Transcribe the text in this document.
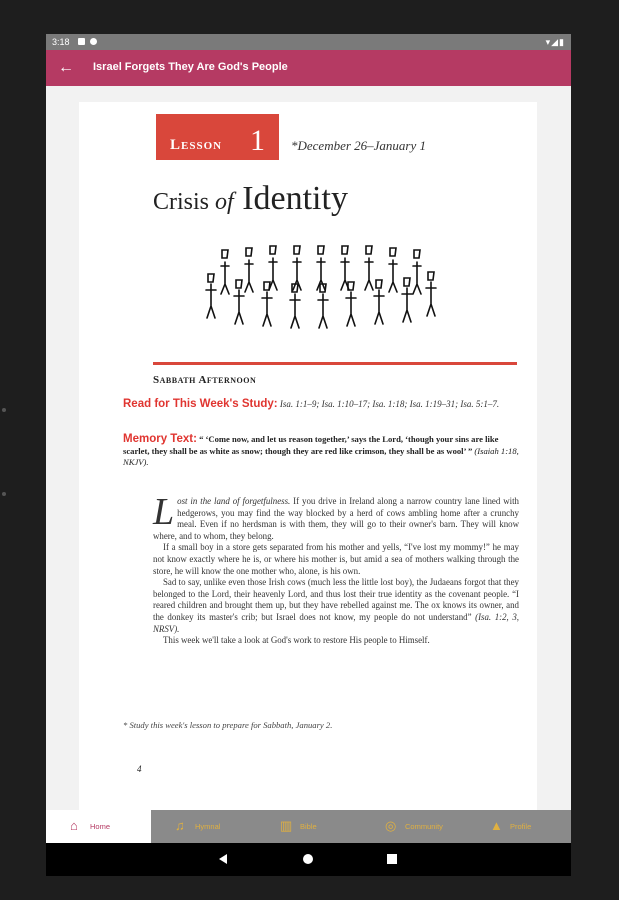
3:18	▾◢▮
← Israel Forgets They Are God's People
Lesson 1 *December 26–January 1
Crisis of Identity
Sabbath Afternoon
Read for This Week's Study: Isa. 1:1–9; Isa. 1:10–17; Isa. 1:18; Isa. 1:19–31; Isa. 5:1–7.
Memory Text: “ ‘Come now, and let us reason together,’ says the Lord, ‘though your sins are like scarlet, they shall be as white as snow; though they are red like crimson, they shall be as wool’ ” (Isaiah 1:18, NKJV).

Lost in the land of forgetfulness. If you drive in Ireland along a narrow country lane lined with hedgerows, you may find the way blocked by a herd of cows ambling home after a crunchy meal. Even if no herdsman is with them, they will go to their owner's barn. They will know where, and to whom, they belong.

If a small boy in a store gets separated from his mother and yells, “I've lost my mommy!” he may not know exactly where he is, or where his mother is, but amid a sea of mothers walking through the store, he will know the one mother who, alone, is his own.

Sad to say, unlike even those Irish cows (much less the little lost boy), the Judaeans forgot that they belonged to the Lord, their heavenly Lord, and thus lost their true identity as the covenant people. “I reared children and brought them up, but they have rebelled against me. The ox knows its owner, and the donkey its master's crib; but Israel does not know, my people do not understand” (Isa. 1:2, 3, NRSV).

This week we'll take a look at God's work to restore His people to Himself.

* Study this week's lesson to prepare for Sabbath, January 2.
4
⌂ Home	♫ Hymnal	▥ Bible	◎ Community	▲ Profile
